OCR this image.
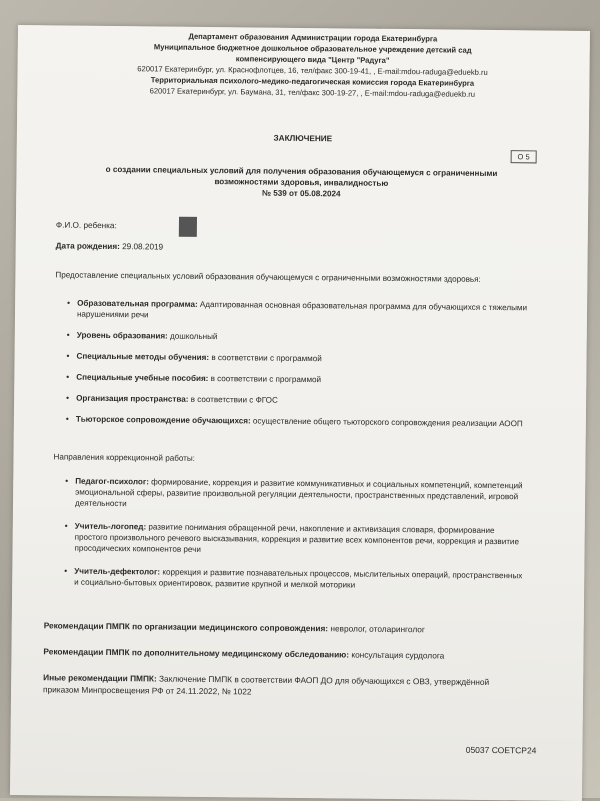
Департамент образования Администрации города Екатеринбурга
Муниципальное бюджетное дошкольное образовательное учреждение детский сад
компенсирующего вида "Центр "Радуга"
620017 Екатеринбург, ул. Краснофлотцев, 16, тел/факс 300-19-41, , E-mail:mdou-raduga@eduekb.ru
Территориальная психолого-медико-педагогическая комиссия города Екатеринбурга
620017 Екатеринбург, ул. Баумана, 31, тел/факс 300-19-27, , E-mail:mdou-raduga@eduekb.ru
ЗАКЛЮЧЕНИЕ
О 5
о создании специальных условий для получения образования обучающемуся с ограниченными
возможностями здоровья, инвалидностью
№ 539 от 05.08.2024
Ф.И.О. ребенка:
Дата рождения: 29.08.2019
Предоставление специальных условий образования обучающемуся с ограниченными возможностями здоровья:
• Образовательная программа: Адаптированная основная образовательная программа для обучающихся с тяжелыми нарушениями речи
• Уровень образования: дошкольный
• Специальные методы обучения: в соответствии с программой
• Специальные учебные пособия: в соответствии с программой
• Организация пространства: в соответствии с ФГОС
• Тьюторское сопровождение обучающихся: осуществление общего тьюторского сопровождения реализации АООП
Направления коррекционной работы:
• Педагог-психолог: формирование, коррекция и развитие коммуникативных и социальных компетенций, компетенций эмоциональной сферы, развитие произвольной регуляции деятельности, пространственных представлений, игровой деятельности
• Учитель-логопед: развитие понимания обращенной речи, накопление и активизация словаря, формирование простого произвольного речевого высказывания, коррекция и развитие всех компонентов речи, коррекция и развитие просодических компонентов речи
• Учитель-дефектолог: коррекция и развитие познавательных процессов, мыслительных операций, пространственных и социально-бытовых ориентировок, развитие крупной и мелкой моторики
Рекомендации ПМПК по организации медицинского сопровождения: невролог, отоларинголог
Рекомендации ПМПК по дополнительному медицинскому обследованию: консультация сурдолога
Иные рекомендации ПМПК: Заключение ПМПК в соответствии ФАОП ДО для обучающихся с ОВЗ, утверждённой приказом Минпросвещения РФ от 24.11.2022, № 1022
05037 СОЕТСР24
